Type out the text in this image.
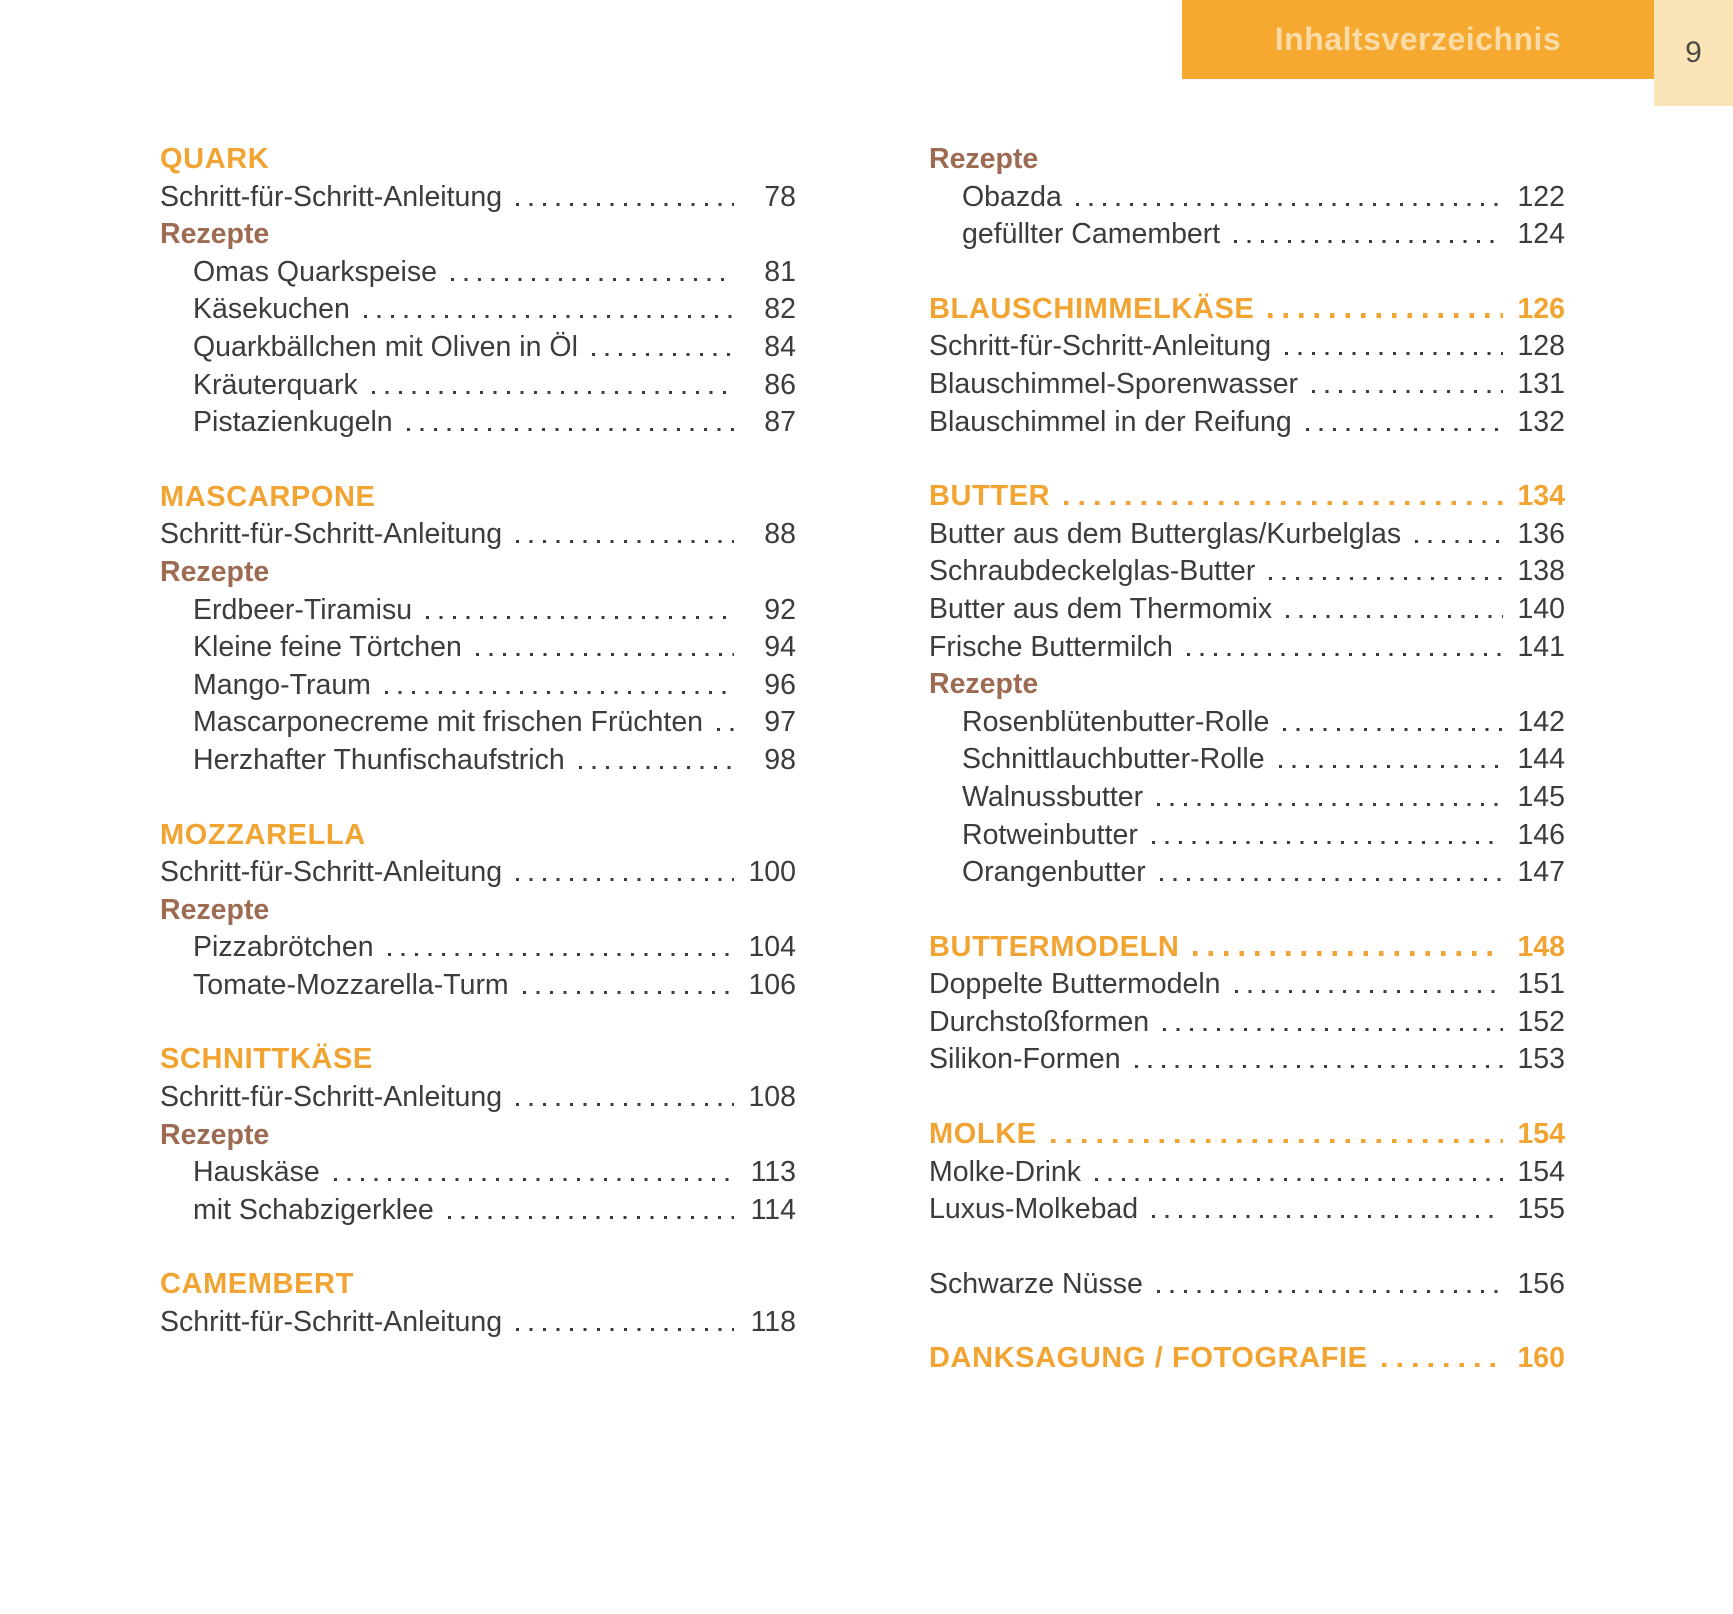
Inhaltsverzeichnis	9
QUARK
Schritt-für-Schritt-Anleitung	78
Rezepte
Omas Quarkspeise	81
Käsekuchen	82
Quarkbällchen mit Oliven in Öl	84
Kräuterquark	86
Pistazienkugeln	87
MASCARPONE
Schritt-für-Schritt-Anleitung	88
Rezepte
Erdbeer-Tiramisu	92
Kleine feine Törtchen	94
Mango-Traum	96
Mascarponecreme mit frischen Früchten	97
Herzhafter Thunfischaufstrich	98
MOZZARELLA
Schritt-für-Schritt-Anleitung	100
Rezepte
Pizzabrötchen	104
Tomate-Mozzarella-Turm	106
SCHNITTKÄSE
Schritt-für-Schritt-Anleitung	108
Rezepte
Hauskäse	113
mit Schabzigerklee	114
CAMEMBERT
Schritt-für-Schritt-Anleitung	118
Rezepte
Obazda	122
gefüllter Camembert	124
BLAUSCHIMMELKÄSE	126
Schritt-für-Schritt-Anleitung	128
Blauschimmel-Sporenwasser	131
Blauschimmel in der Reifung	132
BUTTER	134
Butter aus dem Butterglas/Kurbelglas	136
Schraubdeckelglas-Butter	138
Butter aus dem Thermomix	140
Frische Buttermilch	141
Rezepte
Rosenblütenbutter-Rolle	142
Schnittlauchbutter-Rolle	144
Walnussbutter	145
Rotweinbutter	146
Orangenbutter	147
BUTTERMODELN	148
Doppelte Buttermodeln	151
Durchstoßformen	152
Silikon-Formen	153
MOLKE	154
Molke-Drink	154
Luxus-Molkebad	155
Schwarze Nüsse	156
DANKSAGUNG / FOTOGRAFIE	160
